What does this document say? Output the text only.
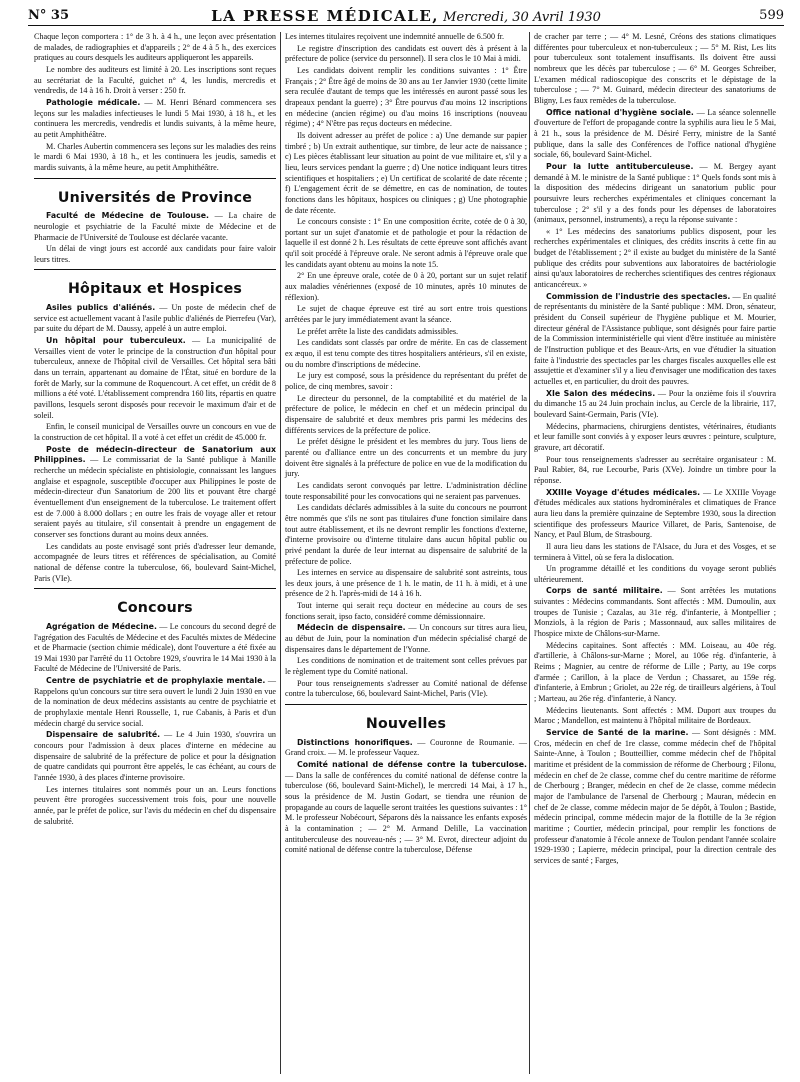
N° 35	LA PRESSE MÉDICALE, Mercredi, 30 Avril 1930	599

Chaque leçon comportera : 1° de 3 h. à 4 h., une leçon avec présentation de malades, de radiographies et d'appareils ; 2° de 4 à 5 h., des exercices pratiques au cours desquels les auditeurs appliqueront les appareils.

Le nombre des auditeurs est limité à 20. Les inscriptions sont reçues au secrétariat de la Faculté, guichet n° 4, les lundis, mercredis et vendredis, de 14 à 16 h. Droit à verser : 250 fr.

Pathologie médicale. — M. Henri Bénard commencera ses leçons sur les maladies infectieuses le lundi 5 Mai 1930, à 18 h., et les continuera les mercredis, vendredis et lundis suivants, à la même heure, au petit Amphithéâtre.

M. Charles Aubertin commencera ses leçons sur les maladies des reins le mardi 6 Mai 1930, à 18 h., et les continuera les jeudis, samedis et mardis suivants, à la même heure, au petit Amphithéâtre.

Universités de Province

Faculté de Médecine de Toulouse. — La chaire de neurologie et psychiatrie de la Faculté mixte de Médecine et de Pharmacie de l'Université de Toulouse est déclarée vacante.

Un délai de vingt jours est accordé aux candidats pour faire valoir leurs titres.

Hôpitaux et Hospices

Asiles publics d'aliénés. — Un poste de médecin chef de service est actuellement vacant à l'asile public d'aliénés de Pierrefeu (Var), par suite du départ de M. Daussy, appelé à un autre emploi.

Un hôpital pour tuberculeux. — La municipalité de Versailles vient de voter le principe de la construction d'un hôpital pour tuberculeux, annexe de l'hôpital civil de Versailles. Cet hôpital sera bâti dans un terrain, appartenant au domaine de l'État, situé en bordure de la forêt de Marly, sur la commune de Roquencourt. A cet effet, un crédit de 8 millions a été voté. L'établissement comprendra 160 lits, répartis en quatre pavillons, lesquels seront disposés pour recevoir le maximum d'air et de soleil.

Enfin, le conseil municipal de Versailles ouvre un concours en vue de la construction de cet hôpital. Il a voté à cet effet un crédit de 45.000 fr.

Poste de médecin-directeur de Sanatorium aux Philippines. — Le commissariat de la Santé publique à Manille recherche un médecin spécialiste en phtisiologie, connaissant les langues anglaise et espagnole, susceptible d'occuper aux Philippines le poste de médecin-directeur d'un Sanatorium de 200 lits et pouvant être chargé éventuellement d'un enseignement de la tuberculose. Le traitement offert est de 7.000 à 8.000 dollars ; en outre les frais de voyage aller et retour seraient payés au titulaire, s'il consentait à prendre un engagement de conserver ses fonctions durant au moins deux années.

Les candidats au poste envisagé sont priés d'adresser leur demande, accompagnée de leurs titres et références de spécialisation, au Comité national de défense contre la tuberculose, 66, boulevard Saint-Michel, Paris (VIe).

Concours

Agrégation de Médecine. — Le concours du second degré de l'agrégation des Facultés de Médecine et des Facultés mixtes de Médecine et de Pharmacie (section chimie médicale), dont l'ouverture a été fixée au 19 Mai 1930 par l'arrêté du 11 Octobre 1929, s'ouvrira le 14 Mai 1930 à la Faculté de Médecine de l'Université de Paris.

Centre de psychiatrie et de prophylaxie mentale. — Rappelons qu'un concours sur titre sera ouvert le lundi 2 Juin 1930 en vue de la nomination de deux médecins assistants au centre de psychiatrie et de prophylaxie mentale Henri Rousselle, 1, rue Cabanis, à Paris et d'un médecin chargé du service social.

Dispensaire de salubrité. — Le 4 Juin 1930, s'ouvrira un concours pour l'admission à deux places d'interne en médecine au dispensaire de salubrité de la préfecture de police et pour la désignation de quatre candidats qui pourront être appelés, le cas échéant, au cours de l'année 1930, à des places d'interne provisoire.

Les internes titulaires sont nommés pour un an. Leurs fonctions peuvent être prorogées successivement trois fois, pour une nouvelle année, par le préfet de police, sur l'avis du médecin en chef du dispensaire de salubrité.

Les internes titulaires reçoivent une indemnité annuelle de 6.500 fr.

Le registre d'inscription des candidats est ouvert dès à présent à la préfecture de police (service du personnel). Il sera clos le 10 Mai à midi.

Les candidats doivent remplir les conditions suivantes : 1° Être Français ; 2° Être âgé de moins de 30 ans au 1er Janvier 1930 (cette limite sera reculée d'autant de temps que les intéressés en auront passé sous les drapeaux pendant la guerre) ; 3° Être pourvus d'au moins 12 inscriptions en médecine (ancien régime) ou d'au moins 16 inscriptions (nouveau régime) ; 4° N'être pas reçus docteurs en médecine.

Ils doivent adresser au préfet de police : a) Une demande sur papier timbré ; b) Un extrait authentique, sur timbre, de leur acte de naissance ; c) Les pièces établissant leur situation au point de vue militaire et, s'il y a lieu, leurs services pendant la guerre ; d) Une notice indiquant leurs titres scientifiques et hospitaliers ; e) Un certificat de scolarité de date récente ; f) L'engagement écrit de se démettre, en cas de nomination, de toutes fonctions dans les hôpitaux, hospices ou cliniques ; g) Une photographie de date récente.

Le concours consiste : 1° En une composition écrite, cotée de 0 à 30, portant sur un sujet d'anatomie et de pathologie et pour la rédaction de laquelle il est donné 2 h. Les résultats de cette épreuve sont affichés avant qu'il soit procédé à l'épreuve orale. Ne seront admis à l'épreuve orale que les candidats ayant obtenu au moins la note 15.

2° En une épreuve orale, cotée de 0 à 20, portant sur un sujet relatif aux maladies vénériennes (exposé de 10 minutes, après 10 minutes de réflexion).

Le sujet de chaque épreuve est tiré au sort entre trois questions arrêtées par le jury immédiatement avant la séance.

Le préfet arrête la liste des candidats admissibles.

Les candidats sont classés par ordre de mérite. En cas de classement ex æquo, il est tenu compte des titres hospitaliers antérieurs, s'il en existe, ou du nombre d'inscriptions de médecine.

Le jury est composé, sous la présidence du représentant du préfet de police, de cinq membres, savoir :

Le directeur du personnel, de la comptabilité et du matériel de la préfecture de police, le médecin en chef et un médecin principal du dispensaire de salubrité et deux membres pris parmi les médecins des différents services de la préfecture de police.

Le préfet désigne le président et les membres du jury. Tous liens de parenté ou d'alliance entre un des concurrents et un membre du jury doivent être signalés à la préfecture de police en vue de la modification du jury.

Les candidats seront convoqués par lettre. L'administration décline toute responsabilité pour les convocations qui ne seraient pas parvenues.

Les candidats déclarés admissibles à la suite du concours ne pourront être nommés que s'ils ne sont pas titulaires d'une fonction similaire dans tout autre établissement, et ils ne devront remplir les fonctions d'externe, d'interne provisoire ou d'interne titulaire dans aucun hôpital public ou privé pendant la durée de leur internat au dispensaire de salubrité de la préfecture de police.

Les internes en service au dispensaire de salubrité sont astreints, tous les deux jours, à une présence de 1 h. le matin, de 11 h. à midi, et à une présence de 2 h. l'après-midi de 14 à 16 h.

Tout interne qui serait reçu docteur en médecine au cours de ses fonctions serait, ipso facto, considéré comme démissionnaire.

Médecin de dispensaire. — Un concours sur titres aura lieu, au début de Juin, pour la nomination d'un médecin spécialisé chargé de dispensaires dans le département de l'Yonne.

Les conditions de nomination et de traitement sont celles prévues par le règlement type du Comité national.

Pour tous renseignements s'adresser au Comité national de défense contre la tuberculose, 66, boulevard Saint-Michel, Paris (VIe).

Nouvelles

Distinctions honorifiques. — Couronne de Roumanie. — Grand croix. — M. le professeur Vaquez.

Comité national de défense contre la tuberculose. — Dans la salle de conférences du comité national de défense contre la tuberculose (66, boulevard Saint-Michel), le mercredi 14 Mai, à 17 h., sous la présidence de M. Justin Godart, se tiendra une réunion de propagande au cours de laquelle seront traitées les questions suivantes : 1° M. le professeur Nobécourt, Séparons dès la naissance les enfants exposés à la contamination ; — 2° M. Armand Delille, La vaccination antituberculeuse des nouveau-nés ; — 3° M. Evrot, directeur adjoint du comité national de défense contre la tuberculose, Défense

de cracher par terre ; — 4° M. Lesné, Créons des stations climatiques différentes pour tuberculeux et non-tuberculeux ; — 5° M. Rist, Les lits pour tuberculeux sont totalement insuffisants. Ils doivent être aussi nombreux que les décès par tuberculose ; — 6° M. Georges Schreiber, L'examen médical radioscopique des conscrits et le dépistage de la tuberculose ; — 7° M. Guinard, médecin directeur des sanatoriums de Bligny, Les faux remèdes de la tuberculose.

Office national d'hygiène sociale. — La séance solennelle d'ouverture de l'effort de propagande contre la syphilis aura lieu le 5 Mai, à 21 h., sous la présidence de M. Désiré Ferry, ministre de la Santé publique, dans la salle des Conférences de l'office national d'hygiène sociale, 66, boulevard Saint-Michel.

Pour la lutte antituberculeuse. — M. Bergey ayant demandé à M. le ministre de la Santé publique : 1° Quels fonds sont mis à la disposition des médecins dirigeant un sanatorium public pour poursuivre leurs recherches expérimentales et cliniques concernant la tuberculose ; 2° s'il y a des fonds pour les dépenses de laboratoires (animaux, personnel, instruments), a reçu la réponse suivante :

« 1° Les médecins des sanatoriums publics disposent, pour les recherches expérimentales et cliniques, des crédits inscrits à cette fin au budget de l'établissement ; 2° il existe au budget du ministère de la Santé publique des crédits pour subventions aux laboratoires de bactériologie ainsi qu'aux laboratoires de recherches scientifiques des centres régionaux anticancéreux. »

Commission de l'industrie des spectacles. — En qualité de représentants du ministère de la Santé publique : MM. Dron, sénateur, président du Conseil supérieur de l'hygiène publique et M. Mourier, directeur général de l'Assistance publique, sont désignés pour faire partie de la Commission interministérielle qui vient d'être instituée au ministère de l'Instruction publique et des Beaux-Arts, en vue d'étudier la situation faite à l'industrie des spectacles par les charges fiscales auxquelles elle est assujettie et d'examiner s'il y a lieu d'envisager une modification des taxes actuelles et, en particulier, du droit des pauvres.

XIe Salon des médecins. — Pour la onzième fois il s'ouvrira du dimanche 15 au 24 Juin prochain inclus, au Cercle de la librairie, 117, boulevard Saint-Germain, Paris (VIe).

Médecins, pharmaciens, chirurgiens dentistes, vétérinaires, étudiants et leur famille sont conviés à y exposer leurs œuvres : peinture, sculpture, gravure, art décoratif.

Pour tous renseignements s'adresser au secrétaire organisateur : M. Paul Rabier, 84, rue Lecourbe, Paris (XVe). Joindre un timbre pour la réponse.

XXIIIe Voyage d'études médicales. — Le XXIIIe Voyage d'études médicales aux stations hydrominérales et climatiques de France aura lieu dans la première quinzaine de Septembre 1930, sous la direction scientifique des professeurs Maurice Villaret, de Paris, Santenoise, de Nancy, et Paul Blum, de Strasbourg.

Il aura lieu dans les stations de l'Alsace, du Jura et des Vosges, et se terminera à Vittel, où se fera la dislocation.

Un programme détaillé et les conditions du voyage seront publiés ultérieurement.

Corps de santé militaire. — Sont arrêtées les mutations suivantes : Médecins commandants. Sont affectés : MM. Dumoulin, aux troupes de Tunisie ; Cazalas, au 31e rég. d'infanterie, à Montpellier ; Monziols, à la région de Paris ; Massonnaud, aux salles militaires de l'hospice mixte de Châlons-sur-Marne.

Médecins capitaines. Sont affectés : MM. Loiseau, au 40e rég. d'artillerie, à Châlons-sur-Marne ; Morel, au 106e rég. d'infanterie, à Reims ; Magnier, au centre de réforme de Lille ; Party, au 19e corps d'armée ; Carillon, à la place de Verdun ; Chassaret, au 159e rég. d'infanterie, à Embrun ; Griolet, au 22e rég. de tirailleurs algériens, à Toul ; Marteau, au 26e rég. d'infanterie, à Nancy.

Médecins lieutenants. Sont affectés : MM. Duport aux troupes du Maroc ; Mandellon, est maintenu à l'hôpital militaire de Bordeaux.

Service de Santé de la marine. — Sont désignés : MM. Cros, médecin en chef de 1re classe, comme médecin chef de l'hôpital Sainte-Anne, à Toulon ; Boutteillier, comme médecin chef de l'hôpital maritime et président de la commission de réforme de Cherbourg ; Filonu, médecin en chef de 2e classe, comme chef du centre maritime de réforme de Cherbourg ; Branger, médecin en chef de 2e classe, comme médecin major de l'ambulance de l'arsenal de Cherbourg ; Mauran, médecin en chef de 2e classe, comme médecin major de 5e dépôt, à Toulon ; Bastide, médecin principal, comme médecin major de la flottille de la 3e région maritime ; Courtier, médecin principal, pour remplir les fonctions de professeur d'anatomie à l'école annexe de Toulon pendant l'année scolaire 1929-1930 ; Lapierre, médecin principal, pour la direction centrale des services de santé ; Farges,
